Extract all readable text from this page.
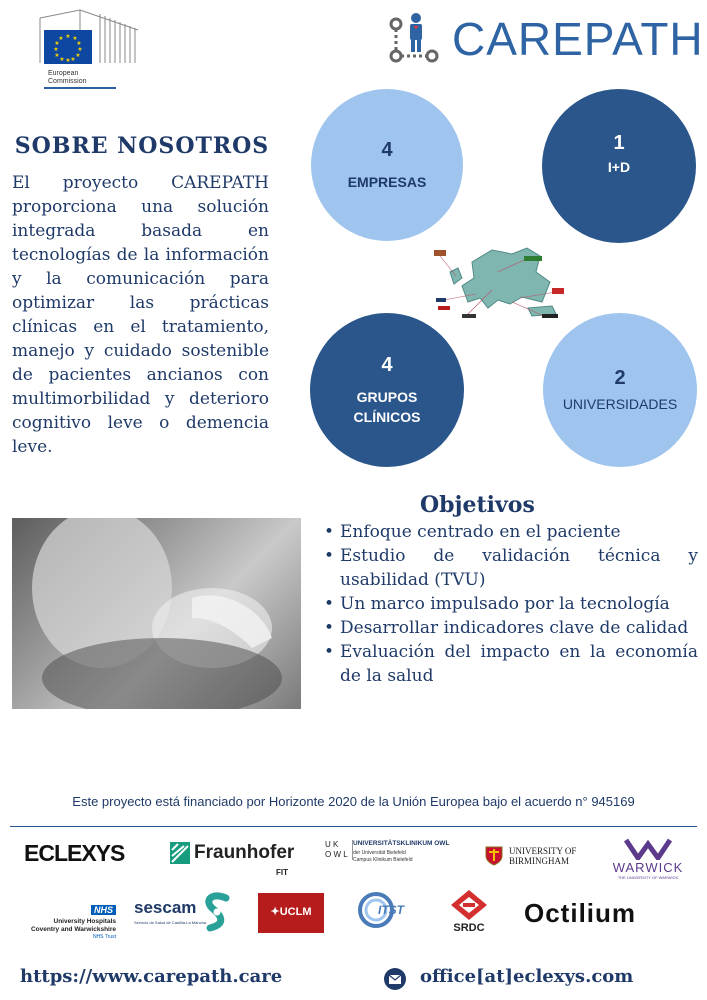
★ ★
★
★
★
★
★
★
★
★
★
★
European
Commission
CAREPATH
SOBRE NOSOTROS
El proyecto CAREPATH proporciona una solución integrada basada en tecnologías de la información y la comunicación para optimizar las prácticas clínicas en el tratamiento, manejo y cuidado sostenible de pacientes ancianos con multimorbilidad y deterioro cognitivo leve o demencia leve.
4
EMPRESAS
1
I+D
4
GRUPOS CLÍNICOS
2
UNIVERSIDADES
Objetivos
• Enfoque centrado en el paciente
• Estudio de validación técnica y usabilidad (TVU)
• Un marco impulsado por la tecnología
• Desarrollar indicadores clave de calidad
• Evaluación del impacto en la economía de la salud
Este proyecto está financiado por Horizonte 2020 de la Unión Europea bajo el acuerdo n° 945169
ECLEXYS	Fraunhofer
FIT
U K
O W L
UNIVERSITÄTSKLINIKUM OWL
der Universität Bielefeld
Campus Klinikum Bielefeld
UNIVERSITY OF
BIRMINGHAM	WARWICK
THE UNIVERSITY OF WARWICK
NHS
University Hospitals
Coventry and Warwickshire
NHS Trust
sescam
Servicio de Salud de Castilla-La Mancha
✦UCLM	ITST
SRDC	Octilium
https://www.carepath.care	office[at]eclexys.com
